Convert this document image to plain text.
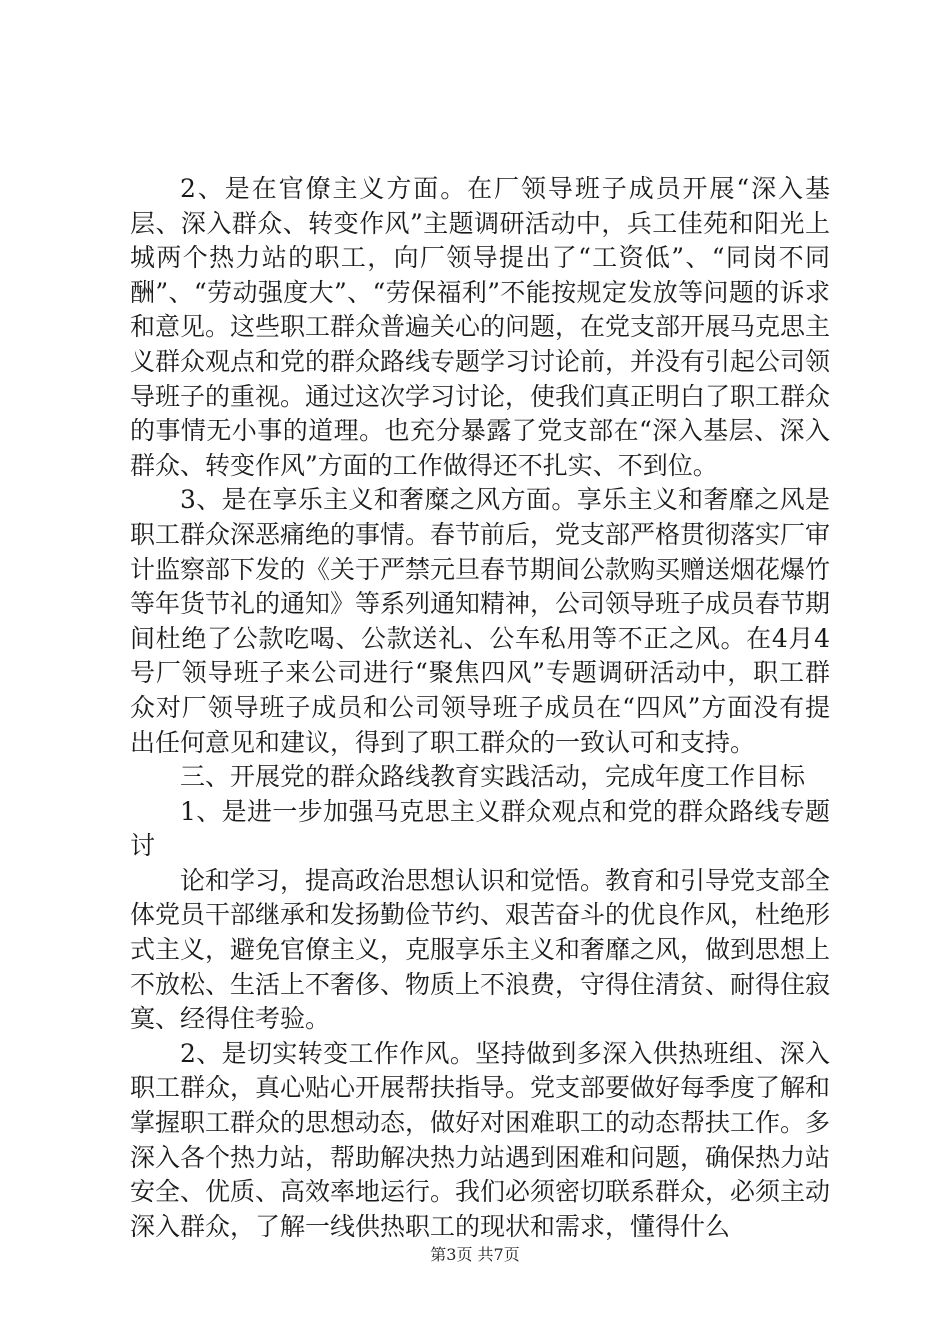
2、是在官僚主义方面。在厂领导班子成员开展“深入基层、深入群众、转变作风”主题调研活动中，兵工佳苑和阳光上城两个热力站的职工，向厂领导提出了“工资低”、“同岗不同酬”、“劳动强度大”、“劳保福利”不能按规定发放等问题的诉求和意见。这些职工群众普遍关心的问题，在党支部开展马克思主义群众观点和党的群众路线专题学习讨论前，并没有引起公司领导班子的重视。通过这次学习讨论，使我们真正明白了职工群众的事情无小事的道理。也充分暴露了党支部在“深入基层、深入群众、转变作风”方面的工作做得还不扎实、不到位。

3、是在享乐主义和奢糜之风方面。享乐主义和奢靡之风是职工群众深恶痛绝的事情。春节前后，党支部严格贯彻落实厂审计监察部下发的《关于严禁元旦春节期间公款购买赠送烟花爆竹等年货节礼的通知》等系列通知精神，公司领导班子成员春节期间杜绝了公款吃喝、公款送礼、公车私用等不正之风。在4月4号厂领导班子来公司进行“聚焦四风”专题调研活动中，职工群众对厂领导班子成员和公司领导班子成员在“四风”方面没有提出任何意见和建议，得到了职工群众的一致认可和支持。

三、开展党的群众路线教育实践活动，完成年度工作目标

1、是进一步加强马克思主义群众观点和党的群众路线专题讨

论和学习，提高政治思想认识和觉悟。教育和引导党支部全体党员干部继承和发扬勤俭节约、艰苦奋斗的优良作风，杜绝形式主义，避免官僚主义，克服享乐主义和奢靡之风，做到思想上不放松、生活上不奢侈、物质上不浪费，守得住清贫、耐得住寂寞、经得住考验。

2、是切实转变工作作风。坚持做到多深入供热班组、深入职工群众，真心贴心开展帮扶指导。党支部要做好每季度了解和掌握职工群众的思想动态，做好对困难职工的动态帮扶工作。多深入各个热力站，帮助解决热力站遇到困难和问题，确保热力站安全、优质、高效率地运行。我们必须密切联系群众，必须主动深入群众，了解一线供热职工的现状和需求，懂得什么

第3页 共7页
